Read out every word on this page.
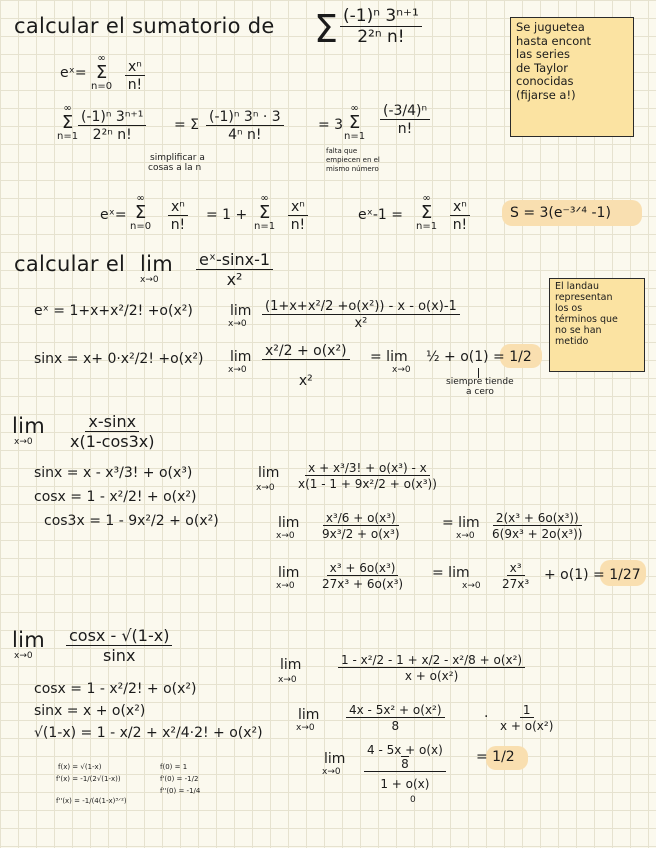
calcular el sumatorio de Σ $\frac{\text{(-1)ⁿ 3ⁿ⁺¹}}{\text{2²ⁿ n!}}$	Se juguetea
hasta encont
las series
de Taylor
conocidas
(fijarse a!)
eˣ=
∞
Σ
$n=0 \frac{\text{xⁿ}}{n!}$
∞
Σ
$n=1 \frac{\text{(-1)ⁿ 3ⁿ⁺¹}}{\text{2²ⁿ n!}} = \Sigma \frac{\text{(-1)ⁿ 3ⁿ · 3}}{\text{4ⁿ n!}} = 3$
∞
Σ
n=1
$\frac{\text{(-3/4)ⁿ}}{n!}$
simplificar a
cosas a la n
falta que
empiecen en el
mismo número
eˣ=
∞
Σ
$n=0 \frac{\text{xⁿ}}{n!} = 1$ +
∞
Σ
$n=1 \frac{\text{xⁿ}}{n!}$	eˣ-1 =
∞
Σ
$n=1 \frac{\text{xⁿ}}{n!}$	S = 3(e⁻³ᐟ⁴ -1)
calcular el lim
$x\to 0 \frac{\text{eˣ-sinx-1}}{\text{x²}}$	El landau
representan
los os
términos que
no se han
metido
eˣ = 1+x+x²/2! +o(x²)
sinx = x+ 0·x²/2! +o(x²)
lim
$x\to 0 \frac{\text{(1+x+x²/2 +o(x²)) - x - o(x)-1}}{\text{x²}}$
lim
$x\to 0 \frac{\text{x²/2 + o(x²)}}{\text{x²}} = \lim$
x→0
½ + o(1) = 1/2
siempre tiende
a cero
lim
$x\to 0 \frac{x-\sin x}{x(1-\cos 3x)}$
sinx = x - x³/3! + o(x³)
cosx = 1 - x²/2! + o(x²)
cos3x = 1 - 9x²/2 + o(x²)
lim
$x\to 0 \frac{\text{x + x³/3! + o(x³) - x}}{\text{x(1 - 1 + 9x²/2 + o(x³))}}$
lim
$x\to 0 \frac{\text{x³/6 + o(x³)}}{\text{9x³/2 + o(x³)}}$	= lim
$x\to 0 \frac{\text{2(x³ + 6o(x³))}}{\text{6(9x³ + 2o(x³))}}$
lim
$x\to 0 \frac{\text{x³ + 6o(x³)}}{\text{27x³ + 6o(x³)}} = \lim$
$x\to 0 \frac{\text{x³}}{\text{27x³}} + o(1) = 1/27$
lim
$x\to 0 \frac{\cos x - √(1-x)}{\sin x}$
cosx = 1 - x²/2! + o(x²)
sinx = x + o(x²)
√(1-x) = 1 - x/2 + x²/4·2! + o(x²)
f(x) = √(1-x)
f'(x) = -1/(2√(1-x))
f''(x) = -1/(4(1-x)³ᐟ²)
f(0) = 1
f'(0) = -1/2
f''(0) = -1/4
lim
x→0	$\frac{\text{1 - x²/2 - 1 + x/2 - x²/8 + o(x²)}}{\text{x + o(x²)}}$
lim
x→0	$\frac{\text{4x - 5x² + o(x²)}}{8}$	· $\frac{1}{\text{x + o(x²)}}$
lim
x→0 4 - 5x + o(x)
8
1 + o(x)
0
= 1/2
